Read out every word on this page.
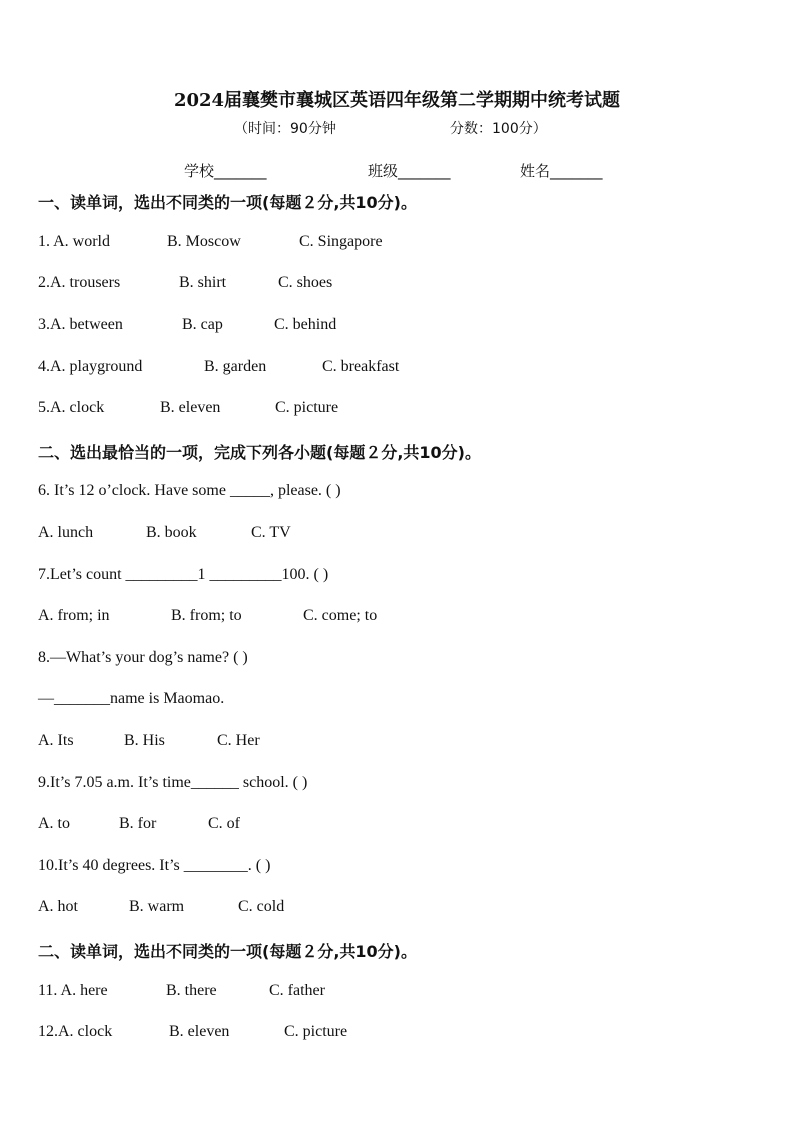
2024届襄樊市襄城区英语四年级第二学期期中统考试题
（时间：90分钟	分数：100分）
学校_______	班级_______	姓名_______
一、读单词，选出不同类的一项(每题２分,共10分)。
1. A. world	B. Moscow	C. Singapore
2.A. trousers	B. shirt	C. shoes
3.A. between	B. cap	C. behind
4.A. playground	B. garden	C. breakfast
5.A. clock	B. eleven	C. picture
二、选出最恰当的一项，完成下列各小题(每题２分,共10分)。
6. It’s 12 o’clock. Have some _____, please. ( )
A. lunch	B. book	C. TV
7.Let’s count _________1 _________100. ( )
A. from; in	B. from; to	C. come; to
8.—What’s your dog’s name? ( )
—_______name is Maomao.
A. Its	B. His	C. Her
9.It’s 7.05 a.m. It’s time______ school. ( )
A. to	B. for	C. of
10.It’s 40 degrees. It’s ________. ( )
A. hot	B. warm	C. cold
二、读单词，选出不同类的一项(每题２分,共10分)。
11. A. here	B. there	C. father
12.A. clock	B. eleven	C. picture
